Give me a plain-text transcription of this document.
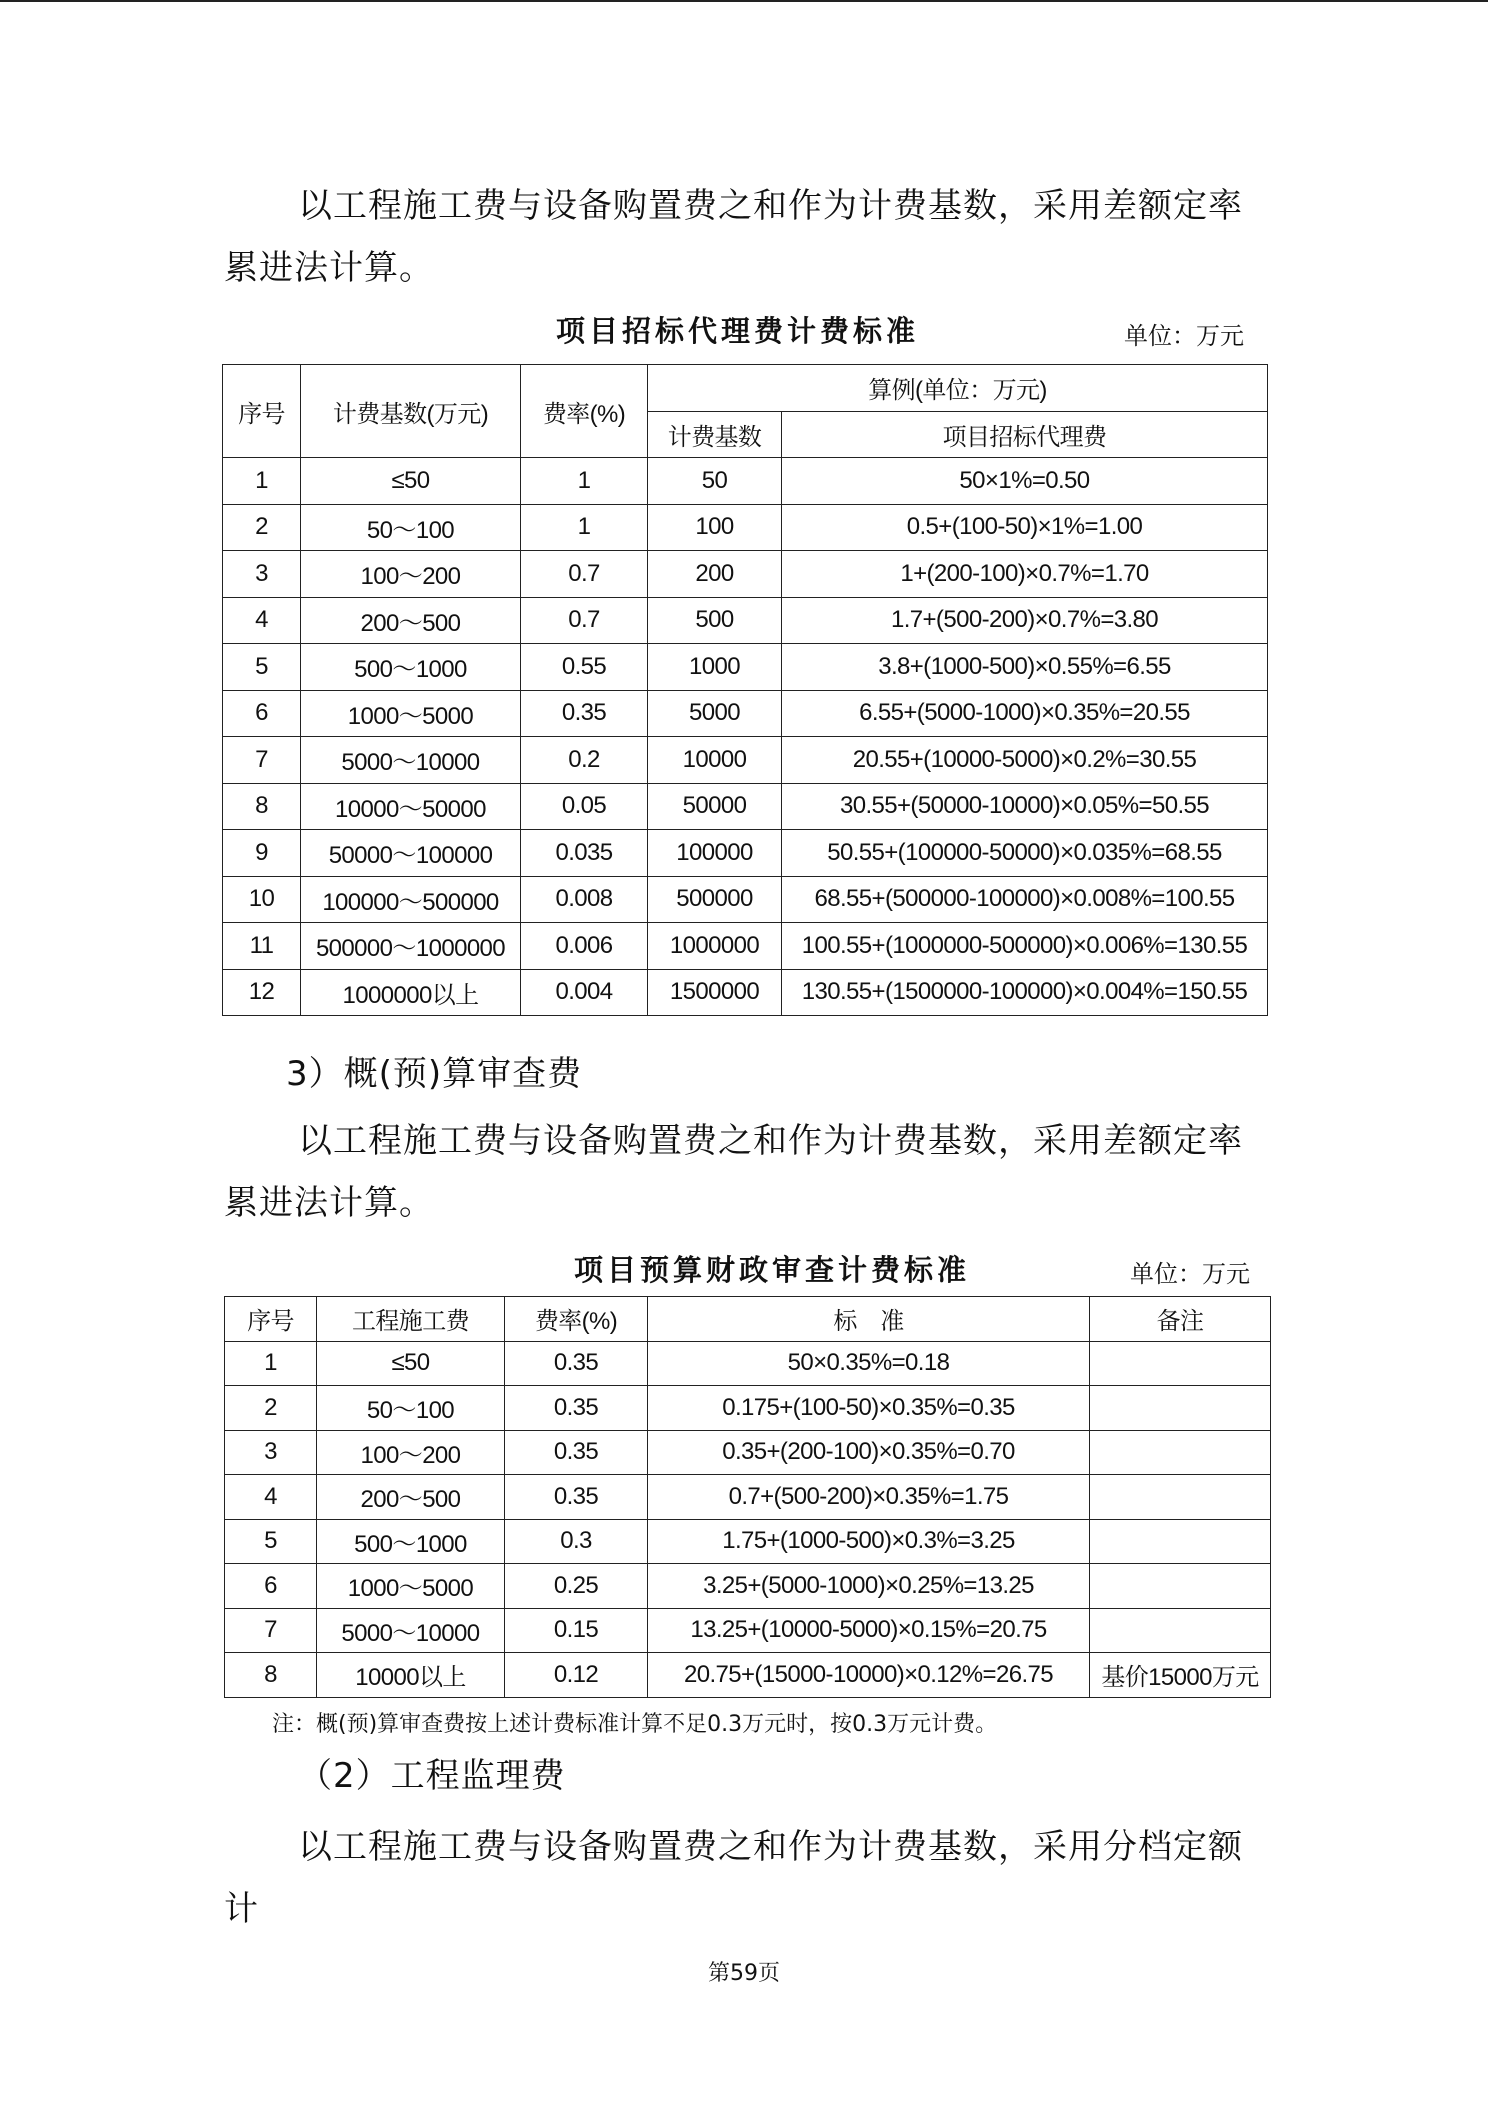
以工程施工费与设备购置费之和作为计费基数，采用差额定率累进法计算。

项目招标代理费计费标准	单位：万元
序号	计费基数(万元)	费率(%)	算例(单位：万元)	
			计费基数	项目招标代理费
1	≤50	1	50	50×1%=0.50
2	50～100	1	100	0.5+(100-50)×1%=1.00
3	100～200	0.7	200	1+(200-100)×0.7%=1.70
4	200～500	0.7	500	1.7+(500-200)×0.7%=3.80
5	500～1000	0.55	1000	3.8+(1000-500)×0.55%=6.55
6	1000～5000	0.35	5000	6.55+(5000-1000)×0.35%=20.55
7	5000～10000	0.2	10000	20.55+(10000-5000)×0.2%=30.55
8	10000～50000	0.05	50000	30.55+(50000-10000)×0.05%=50.55
9	50000～100000	0.035	100000	50.55+(100000-50000)×0.035%=68.55
10	100000～500000	0.008	500000	68.55+(500000-100000)×0.008%=100.55
11	500000～1000000	0.006	1000000	100.55+(1000000-500000)×0.006%=130.55
12	1000000以上	0.004	1500000	130.55+(1500000-100000)×0.004%=150.55
3）概(预)算审查费

以工程施工费与设备购置费之和作为计费基数，采用差额定率累进法计算。

项目预算财政审查计费标准	单位：万元
序号	工程施工费	费率(%)	标　准	备注
1	≤50	0.35	50×0.35%=0.18	
2	50～100	0.35	0.175+(100-50)×0.35%=0.35	
3	100～200	0.35	0.35+(200-100)×0.35%=0.70	
4	200～500	0.35	0.7+(500-200)×0.35%=1.75	
5	500～1000	0.3	1.75+(1000-500)×0.3%=3.25	
6	1000～5000	0.25	3.25+(5000-1000)×0.25%=13.25	
7	5000～10000	0.15	13.25+(10000-5000)×0.15%=20.75	
8	10000以上	0.12	20.75+(15000-10000)×0.12%=26.75	基价15000万元
注：概(预)算审查费按上述计费标准计算不足0.3万元时，按0.3万元计费。
（2）工程监理费

以工程施工费与设备购置费之和作为计费基数，采用分档定额计

第59页
